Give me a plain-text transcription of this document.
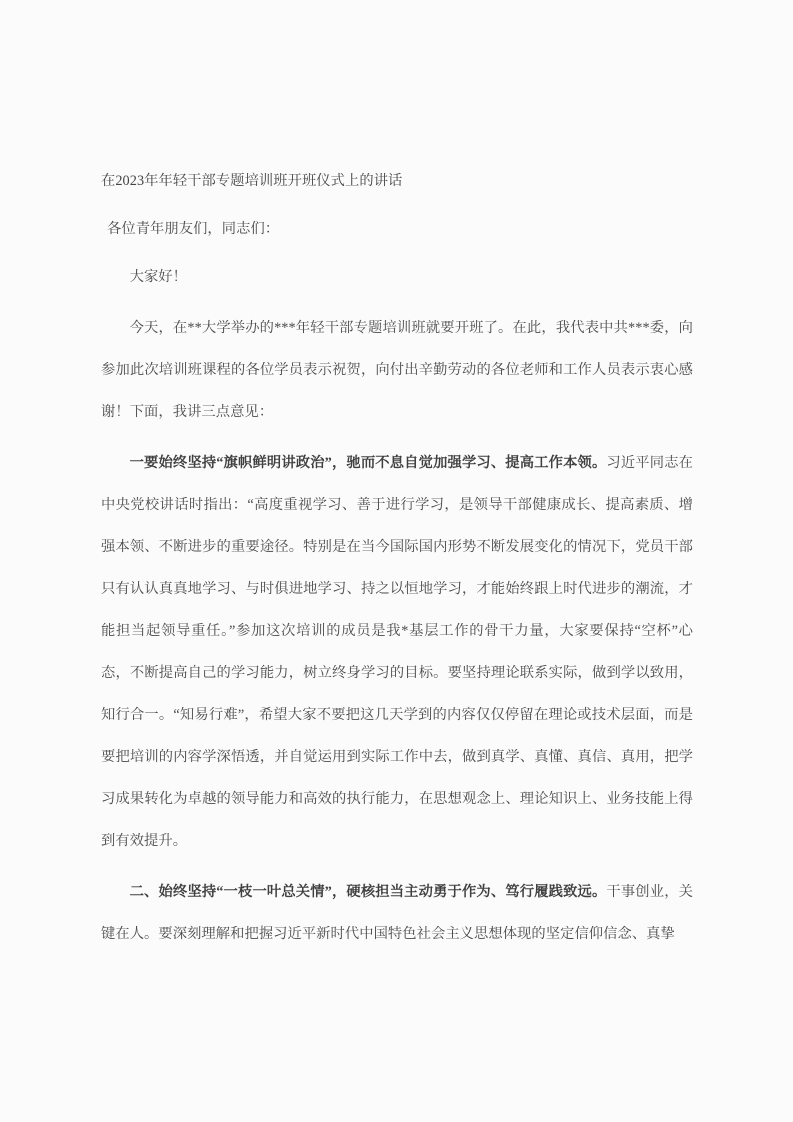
在2023年年轻干部专题培训班开班仪式上的讲话

各位青年朋友们，同志们：

大家好！

今天，在**大学举办的***年轻干部专题培训班就要开班了。在此，我代表中共***委，向参加此次培训班课程的各位学员表示祝贺，向付出辛勤劳动的各位老师和工作人员表示衷心感谢！下面，我讲三点意见：

一要始终坚持“旗帜鲜明讲政治”，驰而不息自觉加强学习、提高工作本领。习近平同志在中央党校讲话时指出：“高度重视学习、善于进行学习，是领导干部健康成长、提高素质、增强本领、不断进步的重要途径。特别是在当今国际国内形势不断发展变化的情况下，党员干部只有认认真真地学习、与时俱进地学习、持之以恒地学习，才能始终跟上时代进步的潮流，才能担当起领导重任。”参加这次培训的成员是我*基层工作的骨干力量，大家要保持“空杯”心态，不断提高自己的学习能力，树立终身学习的目标。要坚持理论联系实际，做到学以致用，知行合一。“知易行难”，希望大家不要把这几天学到的内容仅仅停留在理论或技术层面，而是要把培训的内容学深悟透，并自觉运用到实际工作中去，做到真学、真懂、真信、真用，把学习成果转化为卓越的领导能力和高效的执行能力，在思想观念上、理论知识上、业务技能上得到有效提升。

二、始终坚持“一枝一叶总关情”，硬核担当主动勇于作为、笃行履践致远。干事创业，关键在人。要深刻理解和把握习近平新时代中国特色社会主义思想体现的坚定信仰信念、真挚
